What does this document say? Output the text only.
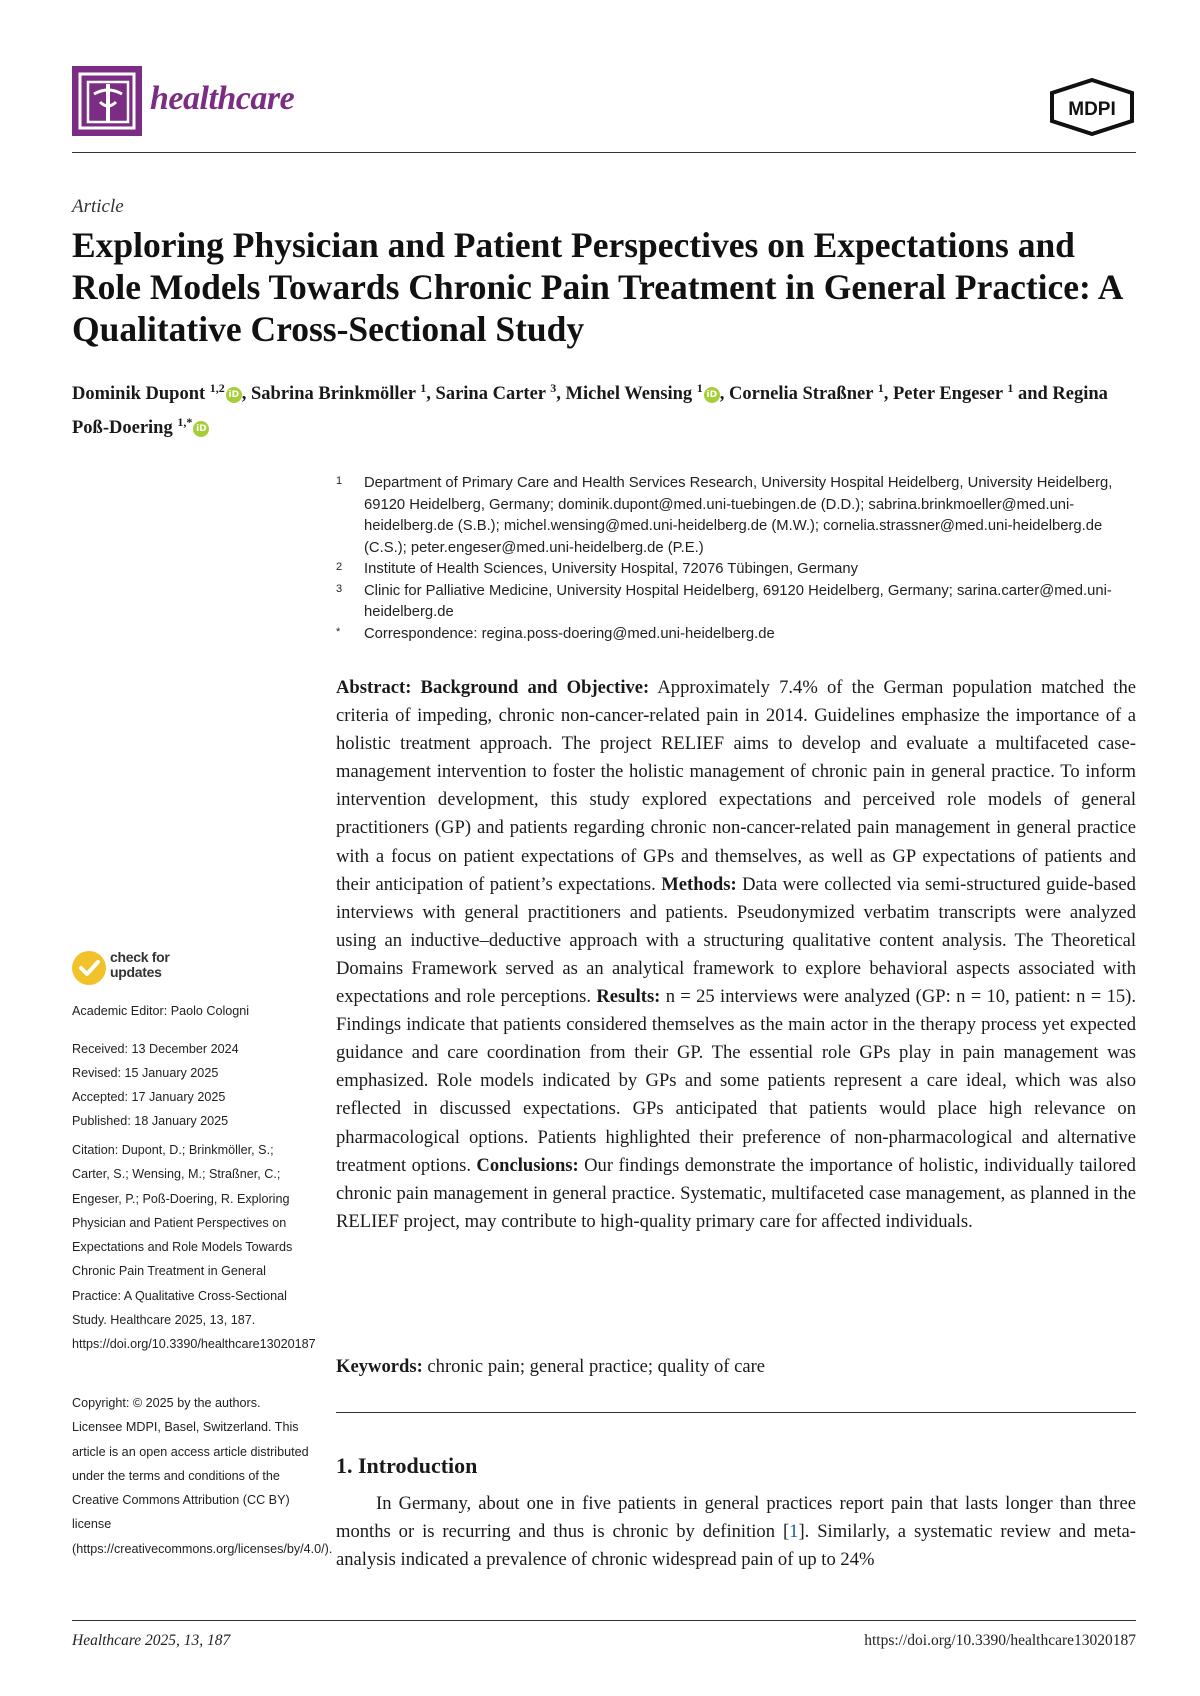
healthcare	MDPI
Article
Exploring Physician and Patient Perspectives on Expectations and Role Models Towards Chronic Pain Treatment in General Practice: A Qualitative Cross-Sectional Study
Dominik Dupont $^{1,2}$iD , Sabrina Brinkmöller $^1$, Sarina Carter $^3$, Michel Wensing $^1$iD , Cornelia Straßner $^1$, Peter Engeser $^1$ and Regina Poß-Doering $^{1,*}$iD
1 Department of Primary Care and Health Services Research, University Hospital Heidelberg, University Heidelberg, 69120 Heidelberg, Germany; dominik.dupont@med.uni-tuebingen.de (D.D.); sabrina.brinkmoeller@med.uni-heidelberg.de (S.B.); michel.wensing@med.uni-heidelberg.de (M.W.); cornelia.strassner@med.uni-heidelberg.de (C.S.); peter.engeser@med.uni-heidelberg.de (P.E.)
2 Institute of Health Sciences, University Hospital, 72076 Tübingen, Germany
3 Clinic for Palliative Medicine, University Hospital Heidelberg, 69120 Heidelberg, Germany; sarina.carter@med.uni-heidelberg.de
* Correspondence: regina.poss-doering@med.uni-heidelberg.de
Abstract: Background and Objective: Approximately 7.4% of the German population matched the criteria of impeding, chronic non-cancer-related pain in 2014. Guidelines emphasize the importance of a holistic treatment approach. The project RELIEF aims to develop and evaluate a multifaceted case-management intervention to foster the holistic management of chronic pain in general practice. To inform intervention development, this study explored expectations and perceived role models of general practitioners (GP) and patients regarding chronic non-cancer-related pain management in general practice with a focus on patient expectations of GPs and themselves, as well as GP expectations of patients and their anticipation of patient’s expectations. Methods: Data were collected via semi-structured guide-based interviews with general practitioners and patients. Pseudonymized verbatim transcripts were analyzed using an inductive–deductive approach with a structuring qualitative content analysis. The Theoretical Domains Framework served as an analytical framework to explore behavioral aspects associated with expectations and role perceptions. Results: n = 25 interviews were analyzed (GP: n = 10, patient: n = 15). Findings indicate that patients considered themselves as the main actor in the therapy process yet expected guidance and care coordination from their GP. The essential role GPs play in pain management was emphasized. Role models indicated by GPs and some patients represent a care ideal, which was also reflected in discussed expectations. GPs anticipated that patients would place high relevance on pharmacological options. Patients highlighted their preference of non-pharmacological and alternative treatment options. Conclusions: Our findings demonstrate the importance of holistic, individually tailored chronic pain management in general practice. Systematic, multifaceted case management, as planned in the RELIEF project, may contribute to high-quality primary care for affected individuals.
Keywords: chronic pain; general practice; quality of care
1. Introduction
In Germany, about one in five patients in general practices report pain that lasts longer than three months or is recurring and thus is chronic by definition [1]. Similarly, a systematic review and meta-analysis indicated a prevalence of chronic widespread pain of up to 24%
check for
updates
Academic Editor: Paolo Cologni
Received: 13 December 2024
Revised: 15 January 2025
Accepted: 17 January 2025
Published: 18 January 2025
Citation: Dupont, D.; Brinkmöller, S.; Carter, S.; Wensing, M.; Straßner, C.; Engeser, P.; Poß-Doering, R. Exploring Physician and Patient Perspectives on Expectations and Role Models Towards Chronic Pain Treatment in General Practice: A Qualitative Cross-Sectional Study. Healthcare 2025, 13, 187. https://doi.org/10.3390/healthcare13020187
Copyright: © 2025 by the authors. Licensee MDPI, Basel, Switzerland. This article is an open access article distributed under the terms and conditions of the Creative Commons Attribution (CC BY) license (https://creativecommons.org/licenses/by/4.0/).
Healthcare 2025, 13, 187	https://doi.org/10.3390/healthcare13020187
